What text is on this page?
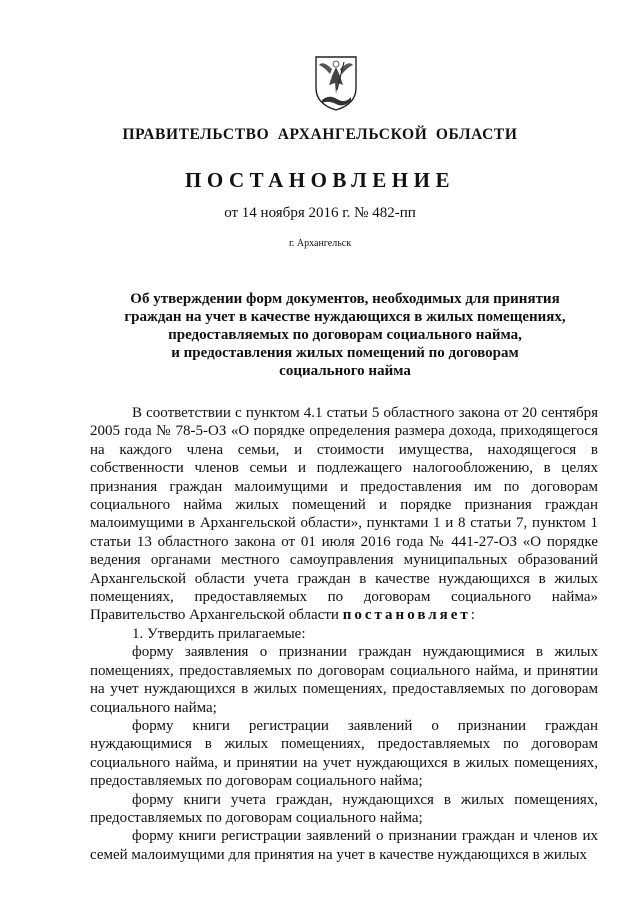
ПРАВИТЕЛЬСТВО АРХАНГЕЛЬСКОЙ ОБЛАСТИ
ПОСТАНОВЛЕНИЕ
от 14 ноября 2016 г. № 482-пп
г. Архангельск
Об утверждении форм документов, необходимых для принятия
граждан на учет в качестве нуждающихся в жилых помещениях,
предоставляемых по договорам социального найма,
и предоставления жилых помещений по договорам
социального найма

В соответствии с пунктом 4.1 статьи 5 областного закона от 20 сентября 2005 года № 78-5-ОЗ «О порядке определения размера дохода, приходящегося на каждого члена семьи, и стоимости имущества, находящегося в собственности членов семьи и подлежащего налогообложению, в целях признания граждан малоимущими и предоставления им по договорам социального найма жилых помещений и порядке признания граждан малоимущими в Архангельской области», пунктами 1 и 8 статьи 7, пунктом 1 статьи 13 областного закона от 01 июля 2016 года № 441-27-ОЗ «О порядке ведения органами местного самоуправления муниципальных образований Архангельской области учета граждан в качестве нуждающихся в жилых помещениях, предоставляемых по договорам социального найма» Правительство Архангельской области постановляет:

1. Утвердить прилагаемые:

форму заявления о признании граждан нуждающимися в жилых помещениях, предоставляемых по договорам социального найма, и принятии на учет нуждающихся в жилых помещениях, предоставляемых по договорам социального найма;

форму книги регистрации заявлений о признании граждан нуждающимися в жилых помещениях, предоставляемых по договорам социального найма, и принятии на учет нуждающихся в жилых помещениях, предоставляемых по договорам социального найма;

форму книги учета граждан, нуждающихся в жилых помещениях, предоставляемых по договорам социального найма;

форму книги регистрации заявлений о признании граждан и членов их семей малоимущими для принятия на учет в качестве нуждающихся в жилых
